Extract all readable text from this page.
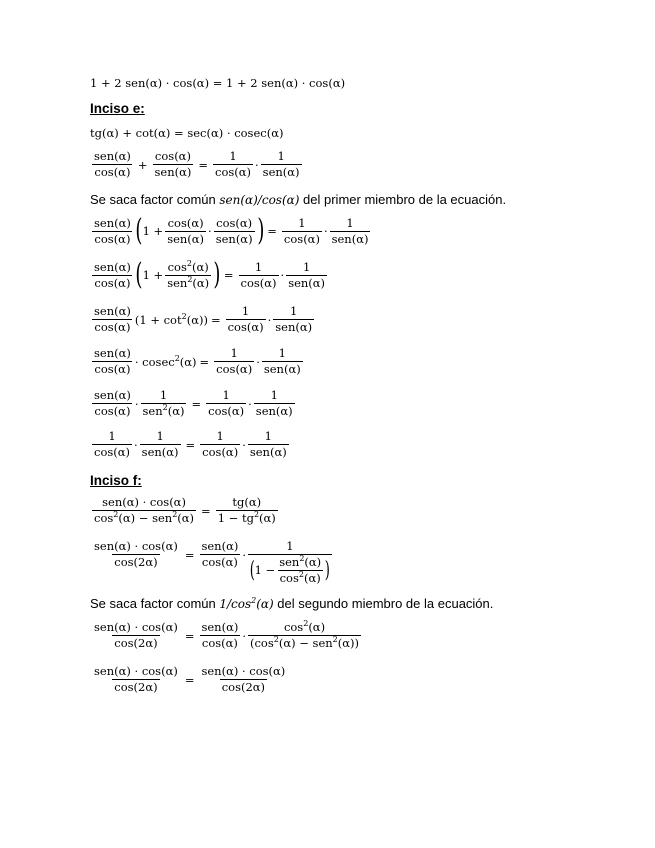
1 + 2 sen(α) · cos(α) = 1 + 2 sen(α) · cos(α)
Inciso e:
tg(α) + cot(α) = sec(α) · cosec(α)
$\frac{\text{sen(α)}}{\cos(\alpha)} + \frac{\cos(\alpha)}{\text{sen(α)}} = \frac{1}{\cos(\alpha)} \cdot \frac{1}{\text{sen(α)}}$
Se saca factor común sen(α)/cos(α) del primer miembro de la ecuación.
$\frac{\text{sen(α)}}{\cos(\alpha)}$ ( $1 + \frac{\cos(\alpha)}{\text{sen(α)}} \cdot \frac{\cos(\alpha)}{\text{sen(α)}}$ ) = $\frac{1}{\cos(\alpha)} \cdot \frac{1}{\text{sen(α)}}$
$\frac{\text{sen(α)}}{\cos(\alpha)}$ ( $1 + \frac{\cos^2(\alpha)}{sen^2(\alpha)}$ ) = $\frac{1}{\cos(\alpha)} \cdot \frac{1}{\text{sen(α)}}$
$\frac{\text{sen(α)}}{\cos(\alpha)} (1 + \cot^2(\alpha)) = \frac{1}{\cos(\alpha)} \cdot \frac{1}{\text{sen(α)}}$
$\frac{\text{sen(α)}}{\cos(\alpha)}$ ·
$cosec^2(\alpha) = \frac{1}{\cos(\alpha)} \cdot \frac{1}{\text{sen(α)}}$
$\frac{\text{sen(α)}}{\cos(\alpha)} \cdot \frac{1}{sen^2(\alpha)} = \frac{1}{\cos(\alpha)} \cdot \frac{1}{\text{sen(α)}}$
$\frac{1}{\cos(\alpha)} \cdot \frac{1}{\text{sen(α)}} = \frac{1}{\cos(\alpha)} \cdot \frac{1}{\text{sen(α)}}$
Inciso f:
$\frac{\text{sen(α) · cos(α)}}{\cos^2(\alpha) - sen^2(\alpha)} = \frac{tg(\alpha)}{1 - tg^2(\alpha)}$
$\frac{\text{sen(α) · cos(α)}}{\cos(2\alpha)} = \frac{\text{sen(α)}}{\cos(\alpha)} \cdot \frac{1}{( 1 - \frac{sen^2(\alpha)}{\cos^2(\alpha)} )}$
Se saca factor común $1/\cos^2(\alpha)$ del segundo miembro de la ecuación.
$\frac{\text{sen(α) · cos(α)}}{\cos(2\alpha)} = \frac{\text{sen(α)}}{\cos(\alpha)} \cdot \frac{\cos^2(\alpha)}{(\cos^2(\alpha) - sen^2(\alpha))}$
$\frac{\text{sen(α) · cos(α)}}{\cos(2\alpha)} = \frac{\text{sen(α) · cos(α)}}{\cos(2\alpha)}$
